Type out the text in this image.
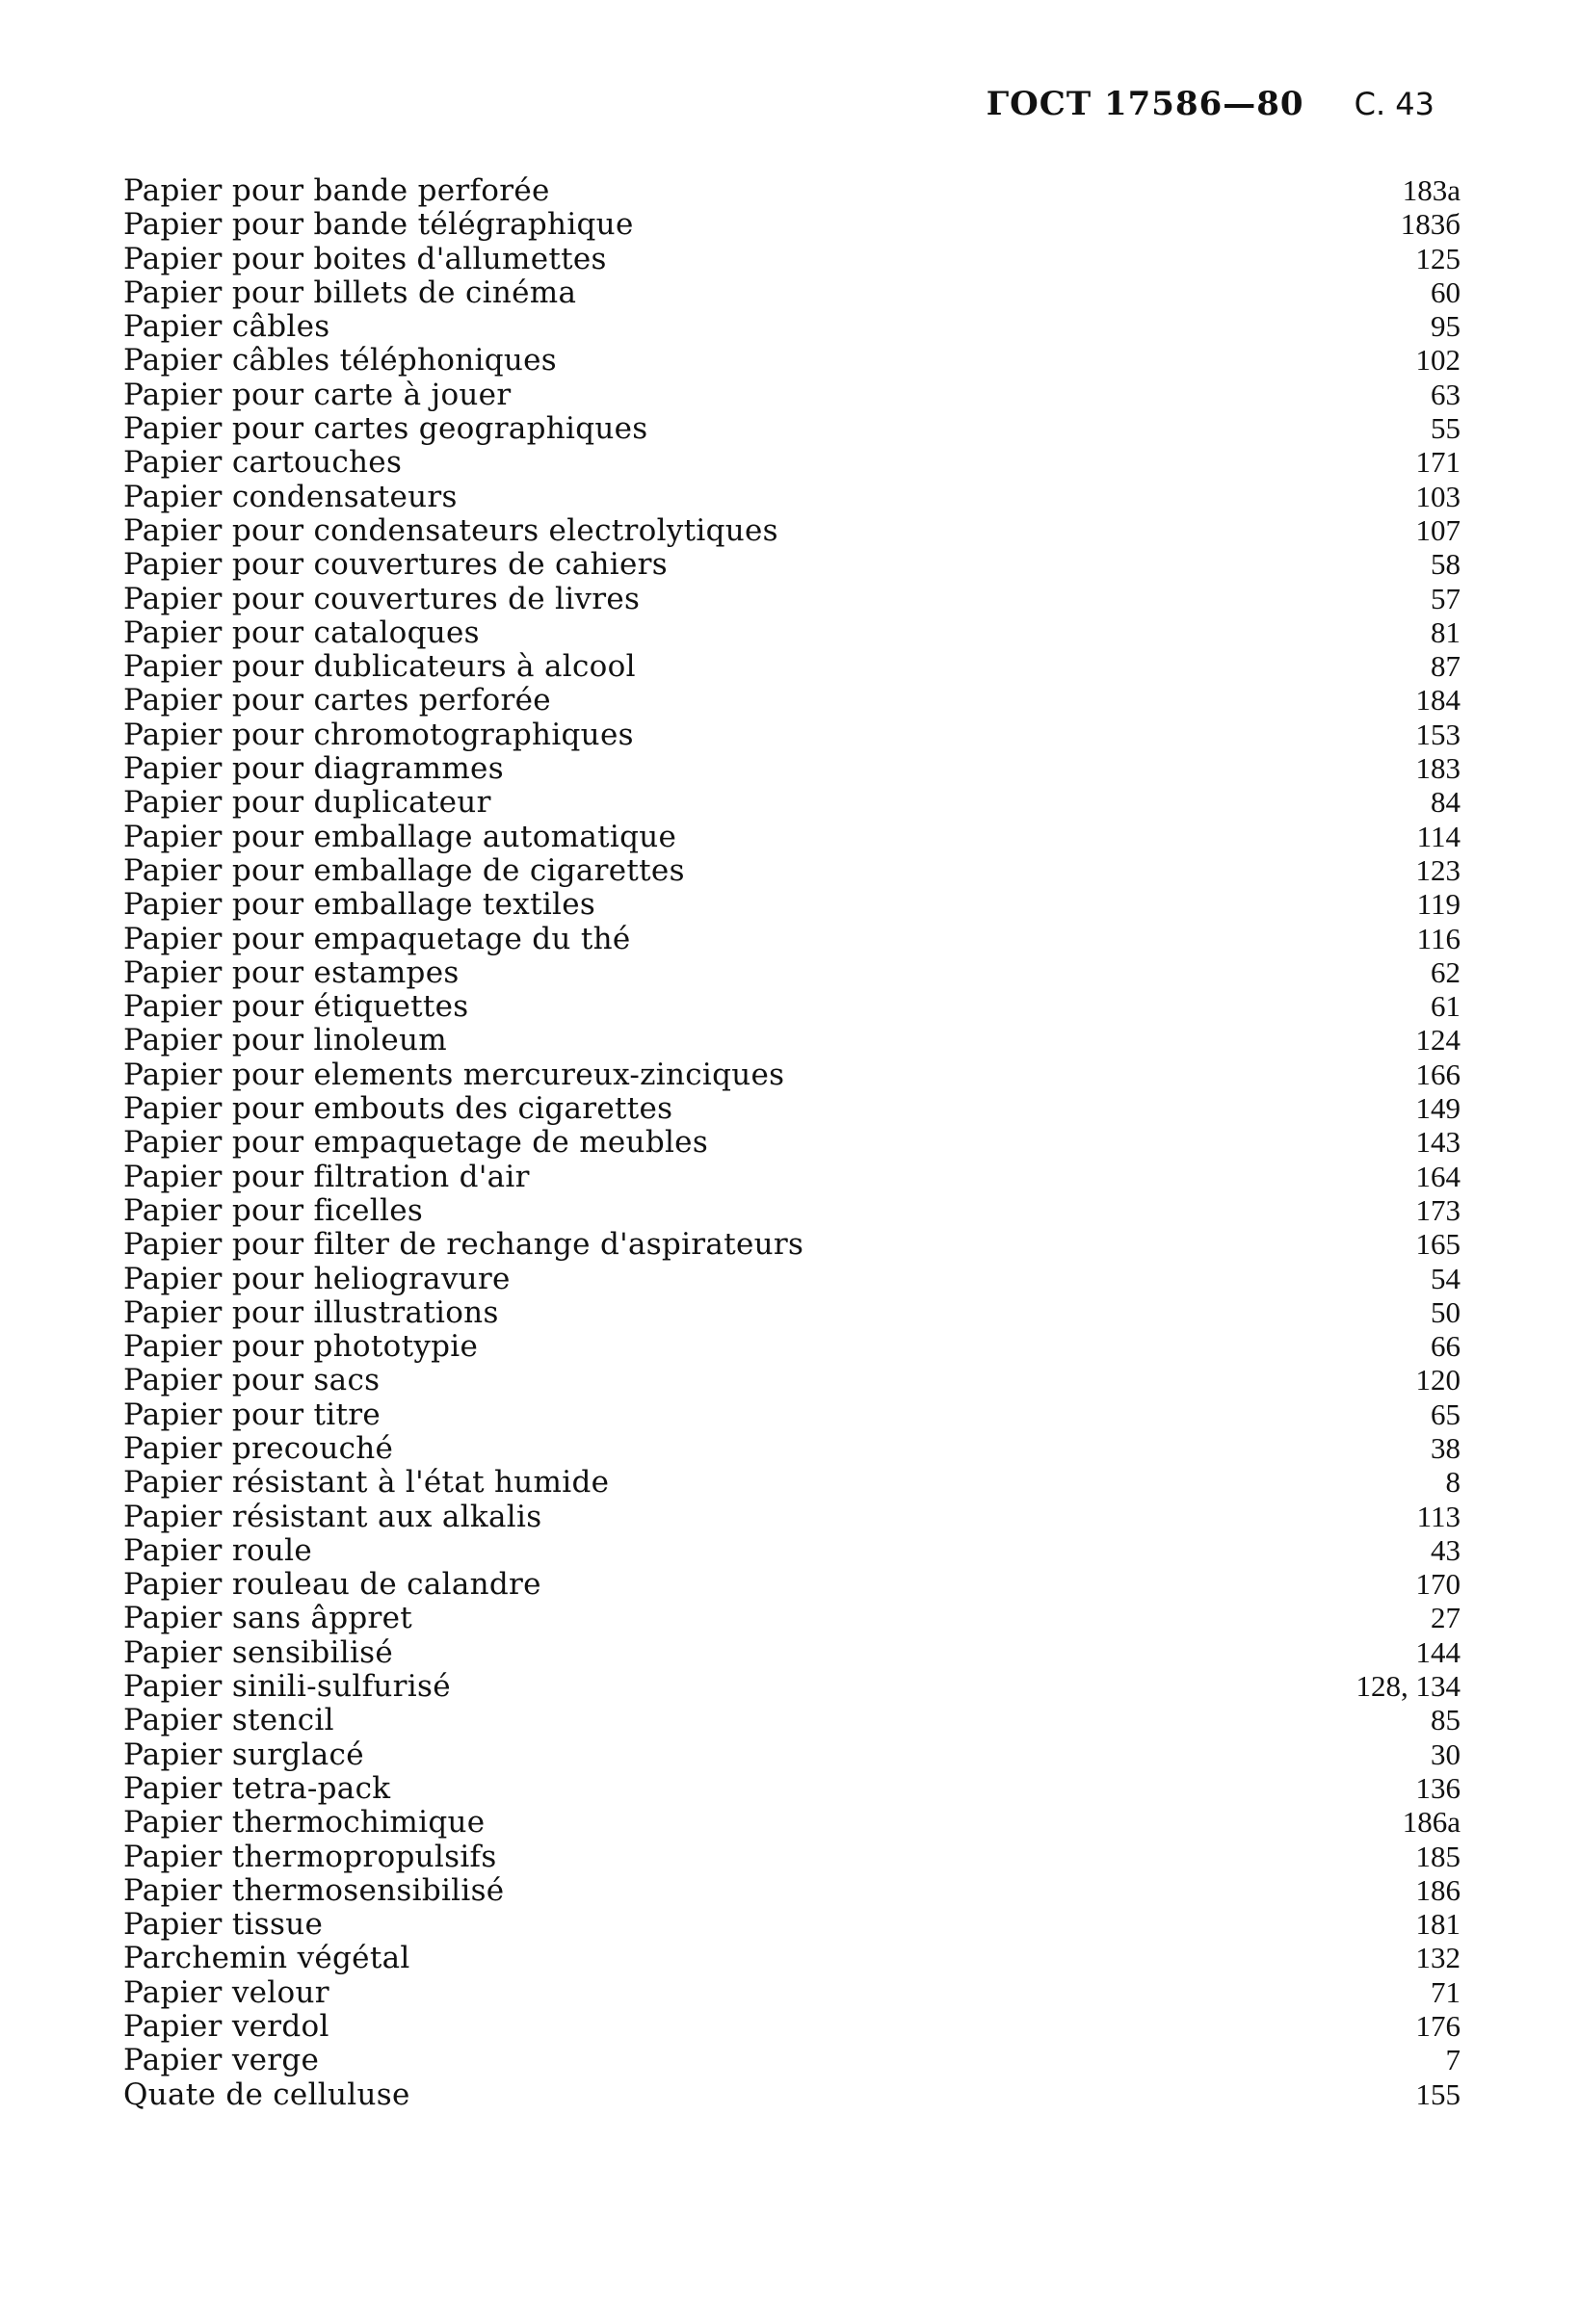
ГОСТ 17586—80 С. 43
Papier pour bande perforée	183a
Papier pour bande télégraphique	183б
Papier pour boites d'allumettes	125
Papier pour billets de cinéma	60
Papier câbles	95
Papier câbles téléphoniques	102
Papier pour carte à jouer	63
Papier pour cartes geographiques	55
Papier cartouches	171
Papier condensateurs	103
Papier pour condensateurs electrolytiques	107
Papier pour couvertures de cahiers	58
Papier pour couvertures de livres	57
Papier pour cataloques	81
Papier pour dublicateurs à alcool	87
Papier pour cartes perforée	184
Papier pour chromotographiques	153
Papier pour diagrammes	183
Papier pour duplicateur	84
Papier pour emballage automatique	114
Papier pour emballage de cigarettes	123
Papier pour emballage textiles	119
Papier pour empaquetage du thé	116
Papier pour estampes	62
Papier pour étiquettes	61
Papier pour linoleum	124
Papier pour elements mercureux-zinciques	166
Papier pour embouts des cigarettes	149
Papier pour empaquetage de meubles	143
Papier pour filtration d'air	164
Papier pour ficelles	173
Papier pour filter de rechange d'aspirateurs	165
Papier pour heliogravure	54
Papier pour illustrations	50
Papier pour phototypie	66
Papier pour sacs	120
Papier pour titre	65
Papier precouché	38
Papier résistant à l'état humide	8
Papier résistant aux alkalis	113
Papier roule	43
Papier rouleau de calandre	170
Papier sans âppret	27
Papier sensibilisé	144
Papier sinili-sulfurisé	128, 134
Papier stencil	85
Papier surglacé	30
Papier tetra-pack	136
Papier thermochimique	186a
Papier thermopropulsifs	185
Papier thermosensibilisé	186
Papier tissue	181
Parchemin végétal	132
Papier velour	71
Papier verdol	176
Papier verge	7
Quate de celluluse	155
